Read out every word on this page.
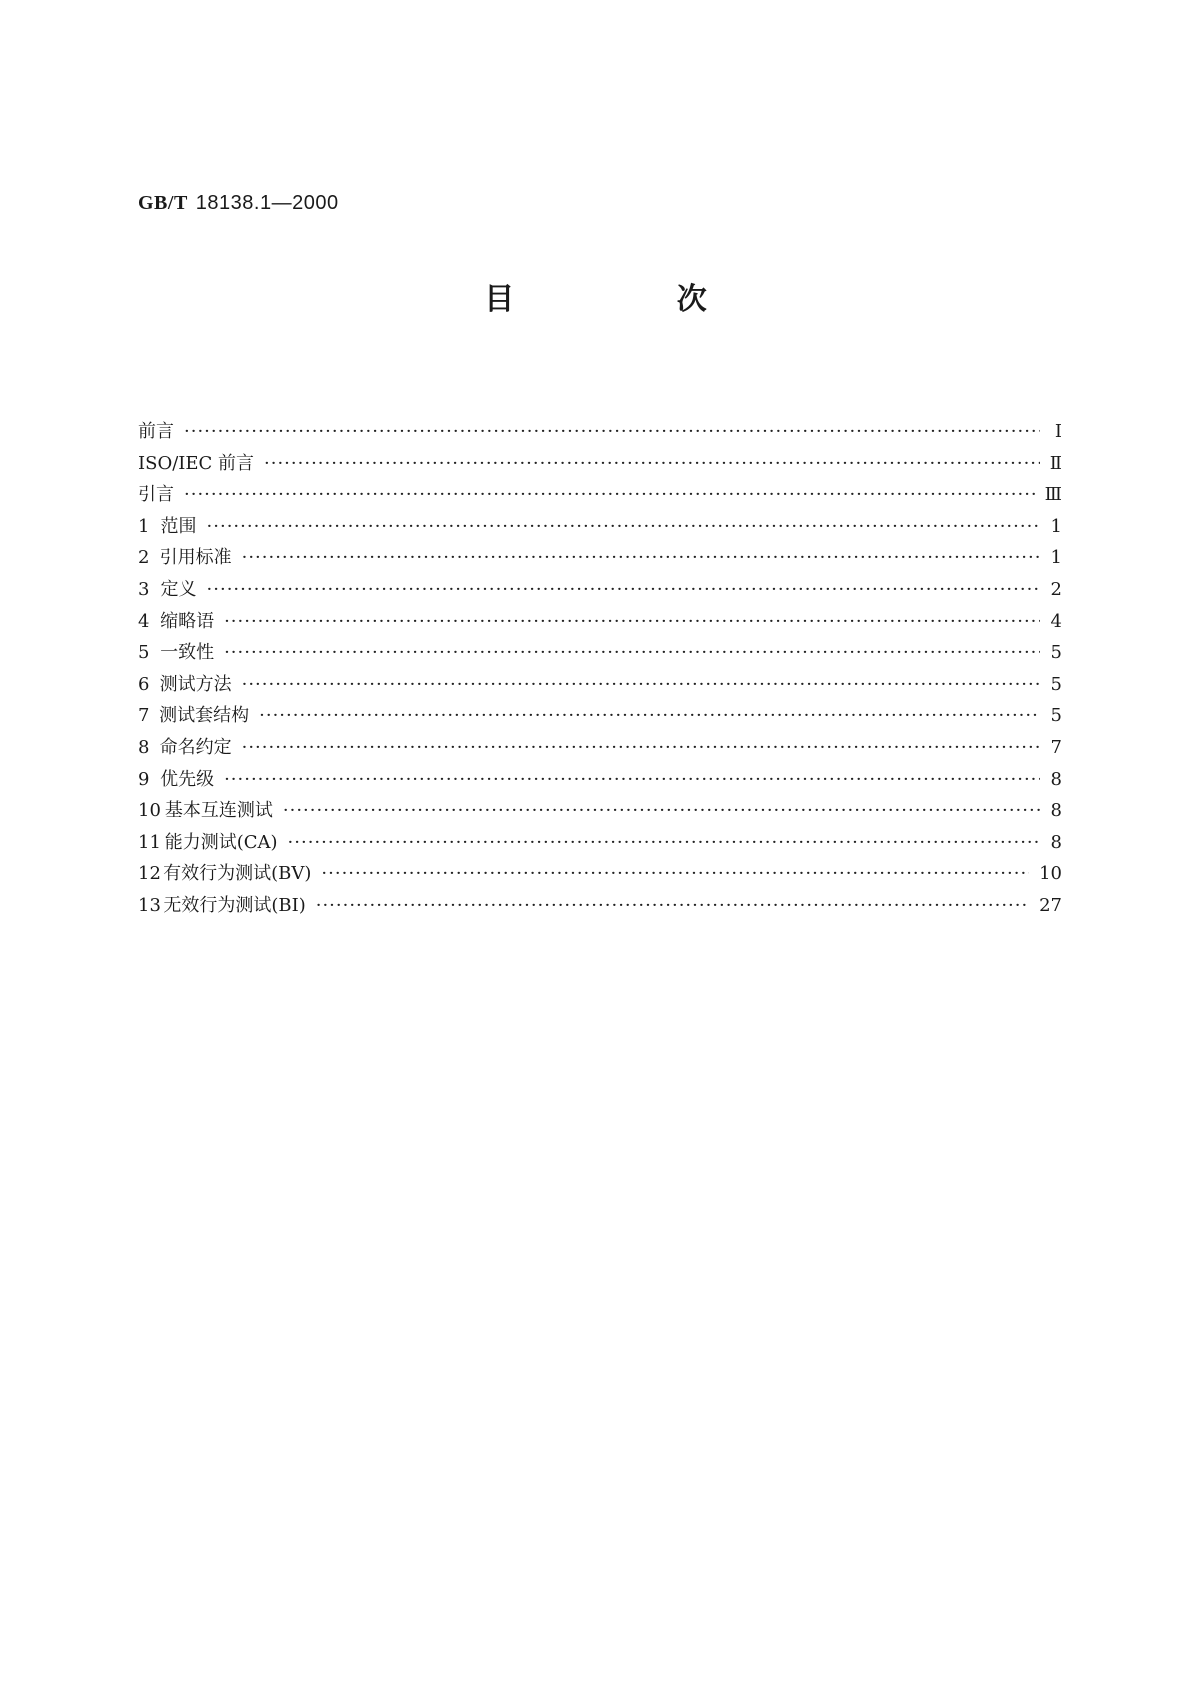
GB/T 18138.1—2000
目 次
前言 ·····	Ⅰ
ISO/IEC 前言 ·····	Ⅱ
引言 ·····	Ⅲ
1 范围 ·····	1
2 引用标准 ·····	1
3 定义 ·····	2
4 缩略语 ·····	4
5 一致性 ·····	5
6 测试方法 ·····	5
7 测试套结构 ·····	5
8 命名约定 ·····	7
9 优先级 ·····	8
10 基本互连测试 ·····	8
11 能力测试(CA) ·····	8
12 有效行为测试(BV) ·····	10
13 无效行为测试(BI) ·····	27
